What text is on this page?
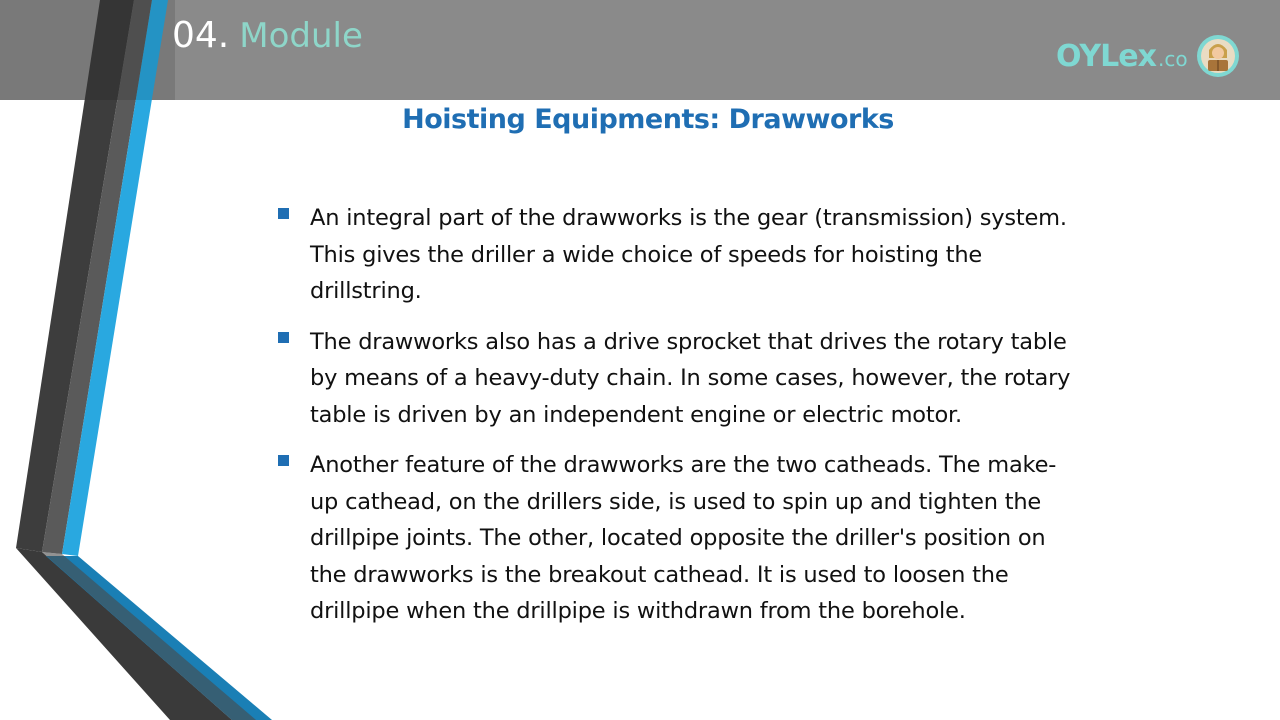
04. Module	OYLex .co
Hoisting Equipments: Drawworks
An integral part of the drawworks is the gear (transmission) system. This gives the driller a wide choice of speeds for hoisting the drillstring.
The drawworks also has a drive sprocket that drives the rotary table by means of a heavy-duty chain. In some cases, however, the rotary table is driven by an independent engine or electric motor.
Another feature of the drawworks are the two catheads. The make-up cathead, on the drillers side, is used to spin up and tighten the drillpipe joints. The other, located opposite the driller's position on the drawworks is the breakout cathead. It is used to loosen the drillpipe when the drillpipe is withdrawn from the borehole.
